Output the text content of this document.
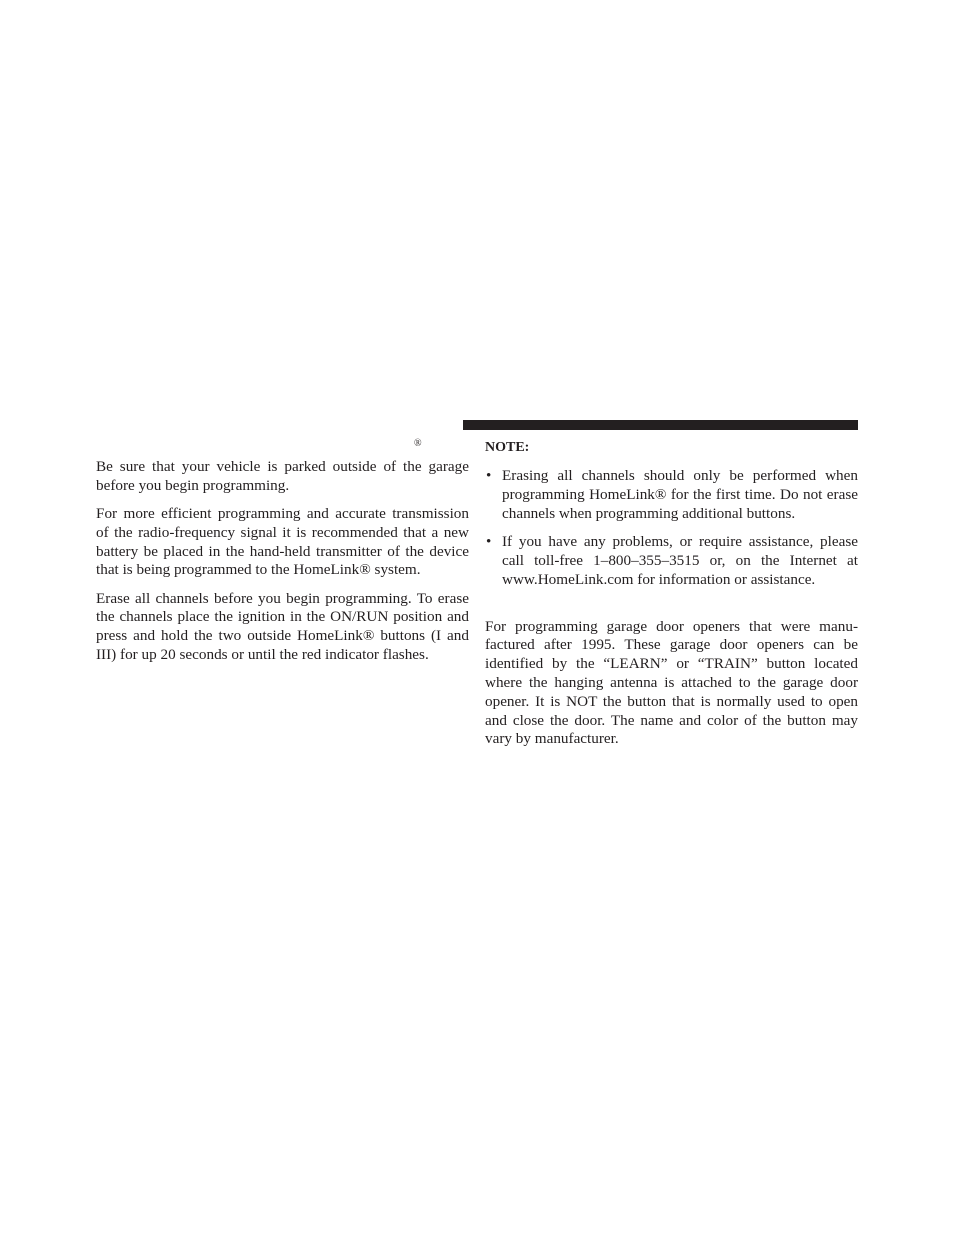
®

Be sure that your vehicle is parked outside of the garage before you begin programming.

For more efficient programming and accurate transmission of the radio-frequency signal it is recommended that a new battery be placed in the hand-held transmitter of the device that is being programmed to the HomeLink® system.

Erase all channels before you begin programming. To erase the channels place the ignition in the ON/RUN position and press and hold the two outside HomeLink® buttons (I and III) for up 20 seconds or until the red indicator flashes.

NOTE:

• Erasing all channels should only be performed when programming HomeLink® for the first time. Do not erase channels when programming additional buttons.
• If you have any problems, or require assistance, please call toll-free 1–800–355–3515 or, on the Internet at www.HomeLink.com for information or assistance.

For programming garage door openers that were manufactured after 1995. These garage door openers can be identified by the “LEARN” or “TRAIN” button located where the hanging antenna is attached to the garage door opener. It is NOT the button that is normally used to open and close the door. The name and color of the button may vary by manufacturer.
